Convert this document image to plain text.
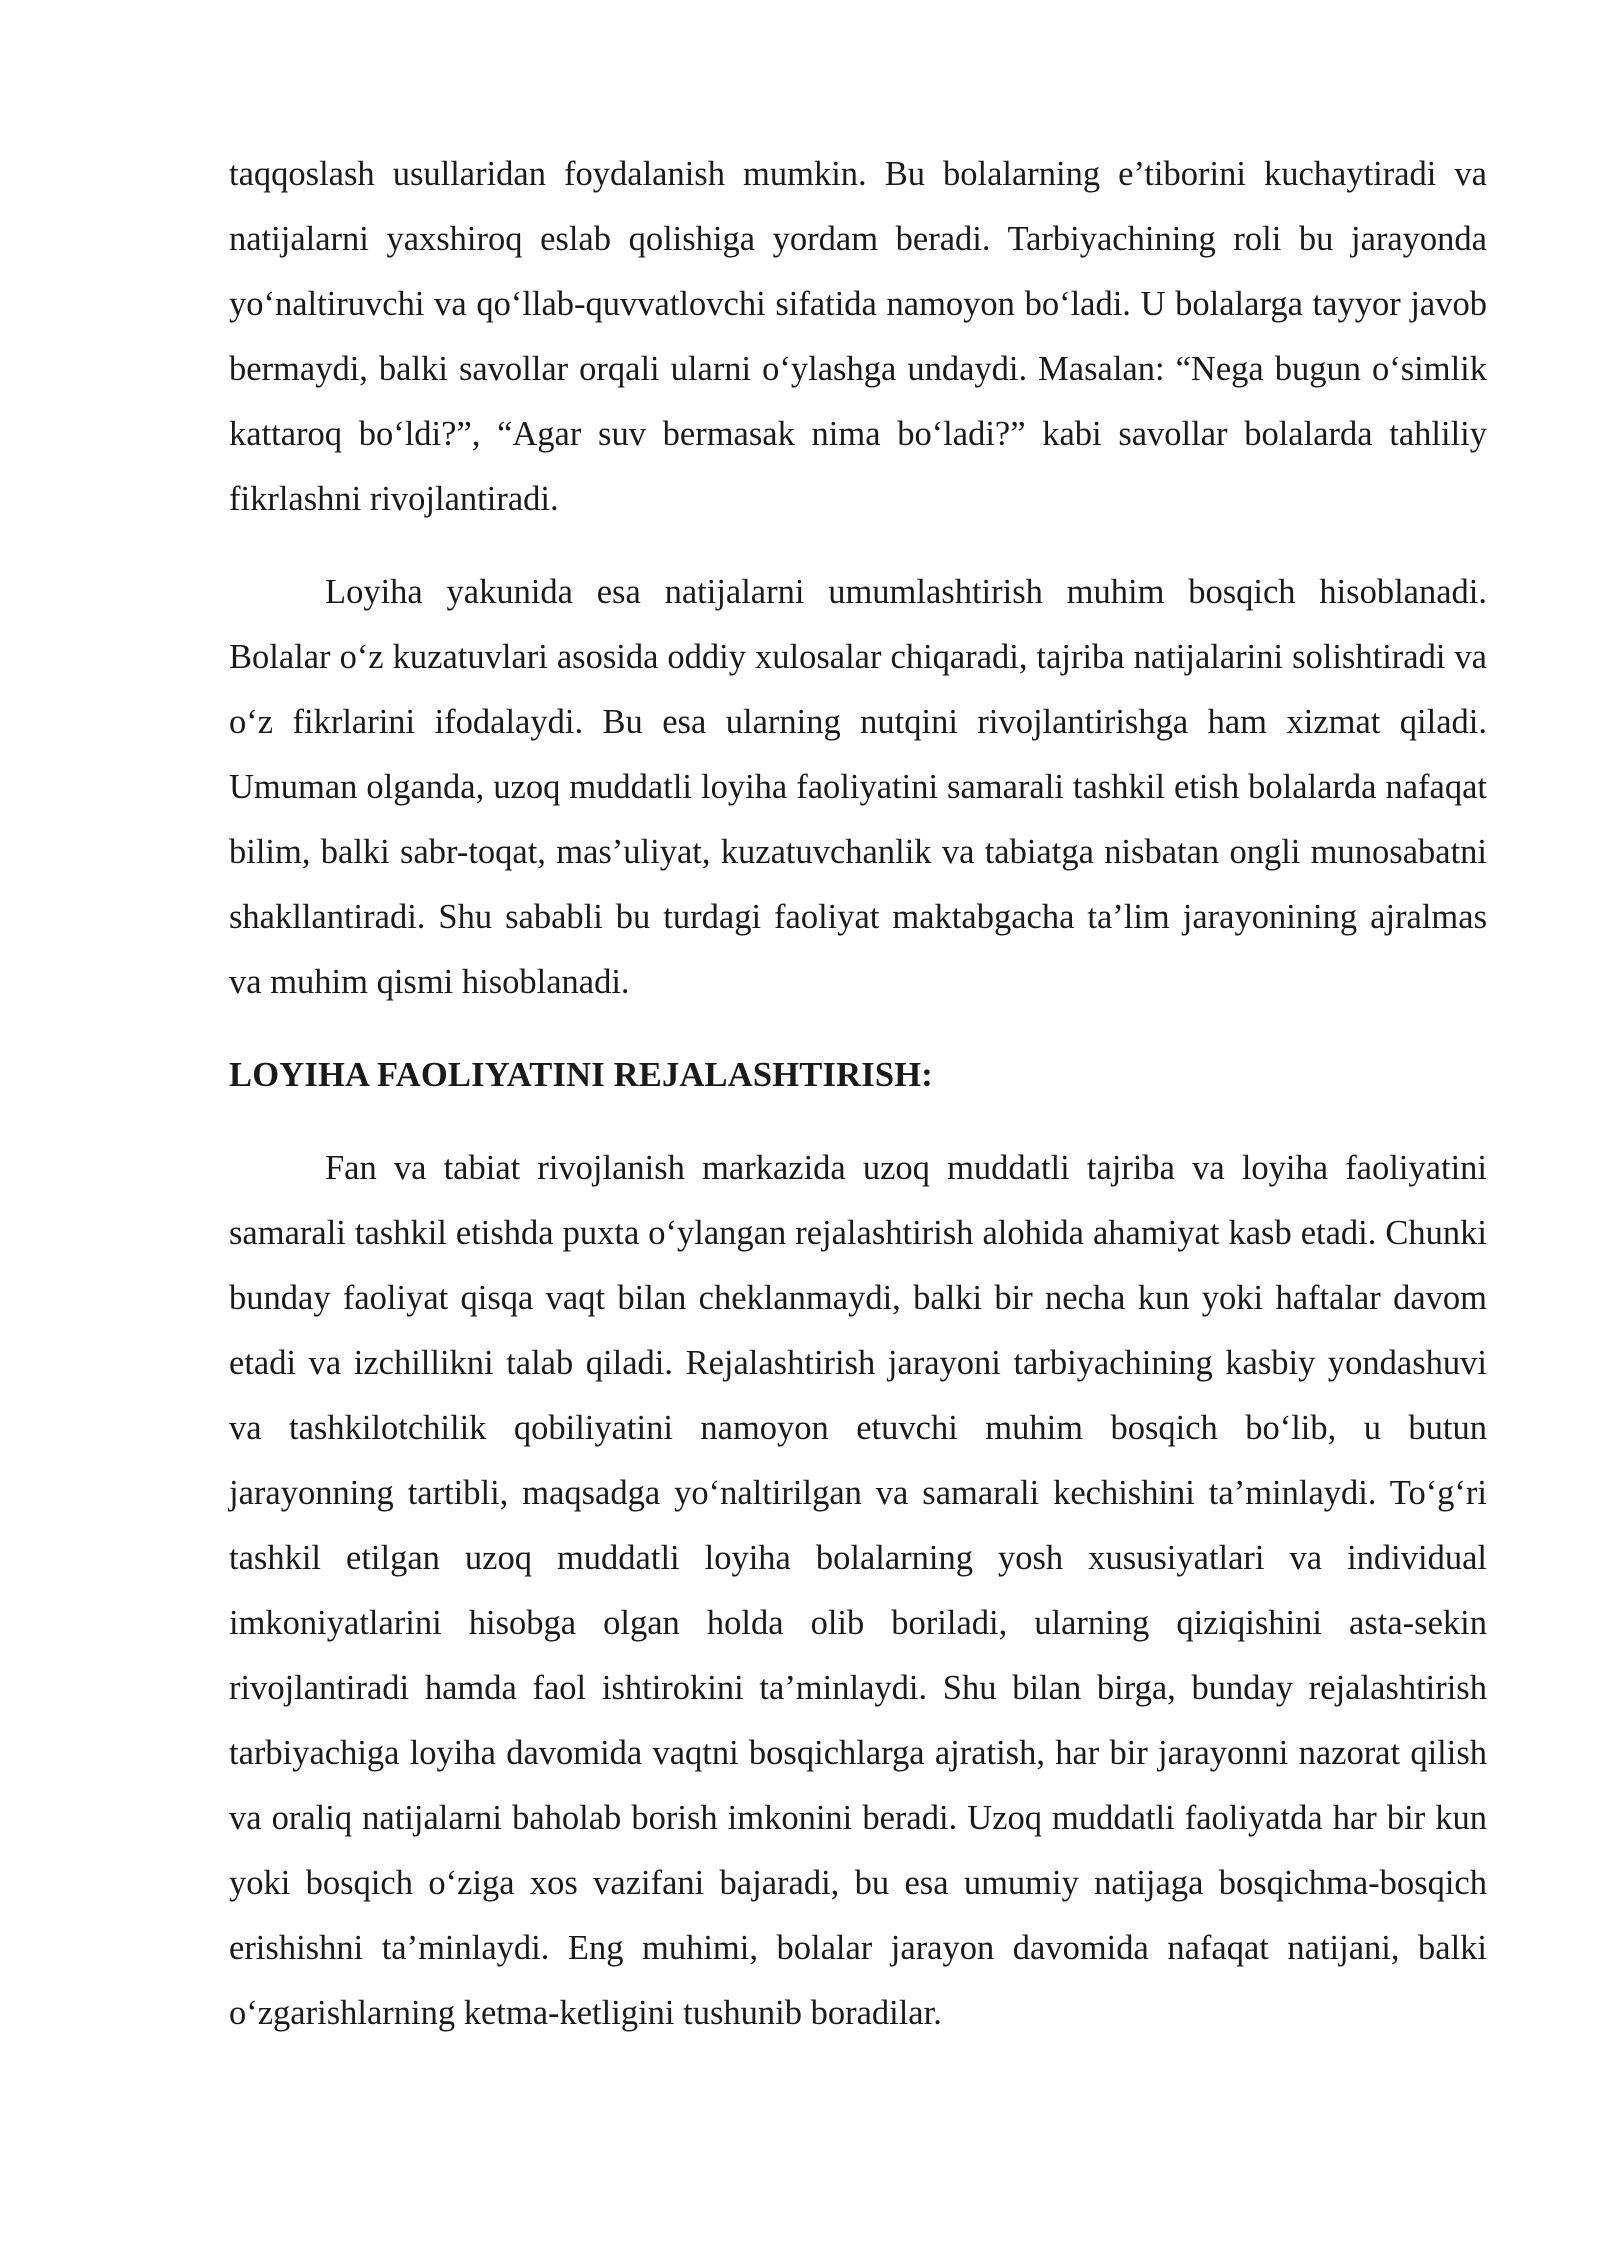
taqqoslash usullaridan foydalanish mumkin. Bu bolalarning e’tiborini kuchaytiradi va natijalarni yaxshiroq eslab qolishiga yordam beradi. Tarbiyachining roli bu jarayonda yo‘naltiruvchi va qo‘llab-quvvatlovchi sifatida namoyon bo‘ladi. U bolalarga tayyor javob bermaydi, balki savollar orqali ularni o‘ylashga undaydi. Masalan: “Nega bugun o‘simlik kattaroq bo‘ldi?”, “Agar suv bermasak nima bo‘ladi?” kabi savollar bolalarda tahliliy fikrlashni rivojlantiradi.

Loyiha yakunida esa natijalarni umumlashtirish muhim bosqich hisoblanadi. Bolalar o‘z kuzatuvlari asosida oddiy xulosalar chiqaradi, tajriba natijalarini solishtiradi va o‘z fikrlarini ifodalaydi. Bu esa ularning nutqini rivojlantirishga ham xizmat qiladi. Umuman olganda, uzoq muddatli loyiha faoliyatini samarali tashkil etish bolalarda nafaqat bilim, balki sabr-toqat, mas’uliyat, kuzatuvchanlik va tabiatga nisbatan ongli munosabatni shakllantiradi. Shu sababli bu turdagi faoliyat maktabgacha ta’lim jarayonining ajralmas va muhim qismi hisoblanadi.

LOYIHA FAOLIYATINI REJALASHTIRISH:

Fan va tabiat rivojlanish markazida uzoq muddatli tajriba va loyiha faoliyatini samarali tashkil etishda puxta o‘ylangan rejalashtirish alohida ahamiyat kasb etadi. Chunki bunday faoliyat qisqa vaqt bilan cheklanmaydi, balki bir necha kun yoki haftalar davom etadi va izchillikni talab qiladi. Rejalashtirish jarayoni tarbiyachining kasbiy yondashuvi va tashkilotchilik qobiliyatini namoyon etuvchi muhim bosqich bo‘lib, u butun jarayonning tartibli, maqsadga yo‘naltirilgan va samarali kechishini ta’minlaydi. To‘g‘ri tashkil etilgan uzoq muddatli loyiha bolalarning yosh xususiyatlari va individual imkoniyatlarini hisobga olgan holda olib boriladi, ularning qiziqishini asta-sekin rivojlantiradi hamda faol ishtirokini ta’minlaydi. Shu bilan birga, bunday rejalashtirish tarbiyachiga loyiha davomida vaqtni bosqichlarga ajratish, har bir jarayonni nazorat qilish va oraliq natijalarni baholab borish imkonini beradi. Uzoq muddatli faoliyatda har bir kun yoki bosqich o‘ziga xos vazifani bajaradi, bu esa umumiy natijaga bosqichma-bosqich erishishni ta’minlaydi. Eng muhimi, bolalar jarayon davomida nafaqat natijani, balki o‘zgarishlarning ketma-ketligini tushunib boradilar.
